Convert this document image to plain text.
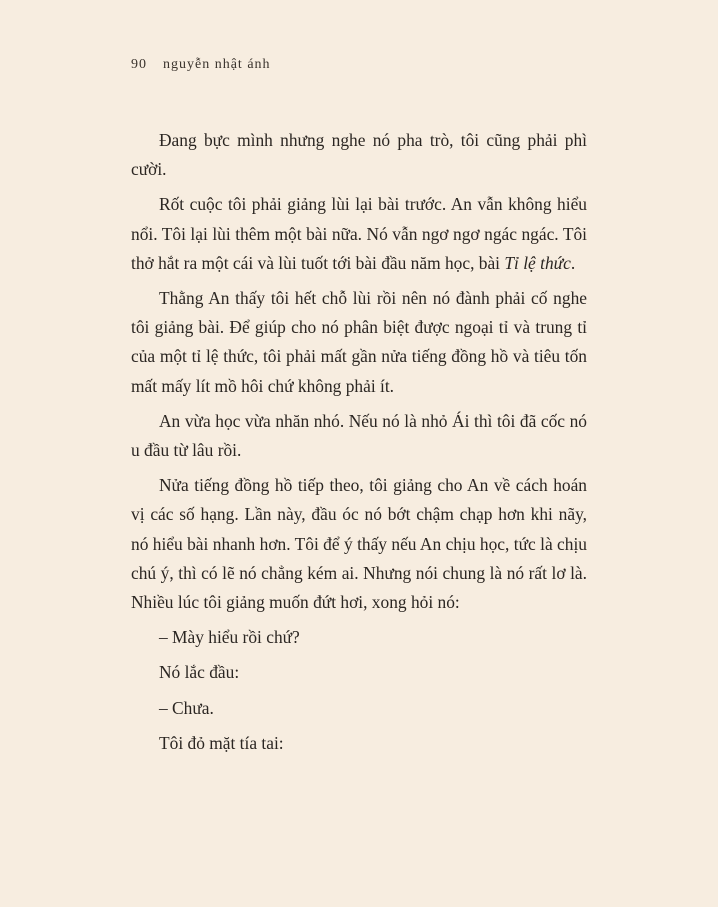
90 nguyễn nhật ánh

Đang bực mình nhưng nghe nó pha trò, tôi cũng phải phì cười.

Rốt cuộc tôi phải giảng lùi lại bài trước. An vẫn không hiểu nổi. Tôi lại lùi thêm một bài nữa. Nó vẫn ngơ ngơ ngác ngác. Tôi thở hắt ra một cái và lùi tuốt tới bài đầu năm học, bài Tỉ lệ thức.

Thằng An thấy tôi hết chỗ lùi rồi nên nó đành phải cố nghe tôi giảng bài. Để giúp cho nó phân biệt được ngoại tỉ và trung tỉ của một tỉ lệ thức, tôi phải mất gần nửa tiếng đồng hồ và tiêu tốn mất mấy lít mồ hôi chứ không phải ít.

An vừa học vừa nhăn nhó. Nếu nó là nhỏ Ái thì tôi đã cốc nó u đầu từ lâu rồi.

Nửa tiếng đồng hồ tiếp theo, tôi giảng cho An về cách hoán vị các số hạng. Lần này, đầu óc nó bớt chậm chạp hơn khi nãy, nó hiểu bài nhanh hơn. Tôi để ý thấy nếu An chịu học, tức là chịu chú ý, thì có lẽ nó chẳng kém ai. Nhưng nói chung là nó rất lơ là. Nhiều lúc tôi giảng muốn đứt hơi, xong hỏi nó:

– Mày hiểu rồi chứ?

Nó lắc đầu:

– Chưa.

Tôi đỏ mặt tía tai:
